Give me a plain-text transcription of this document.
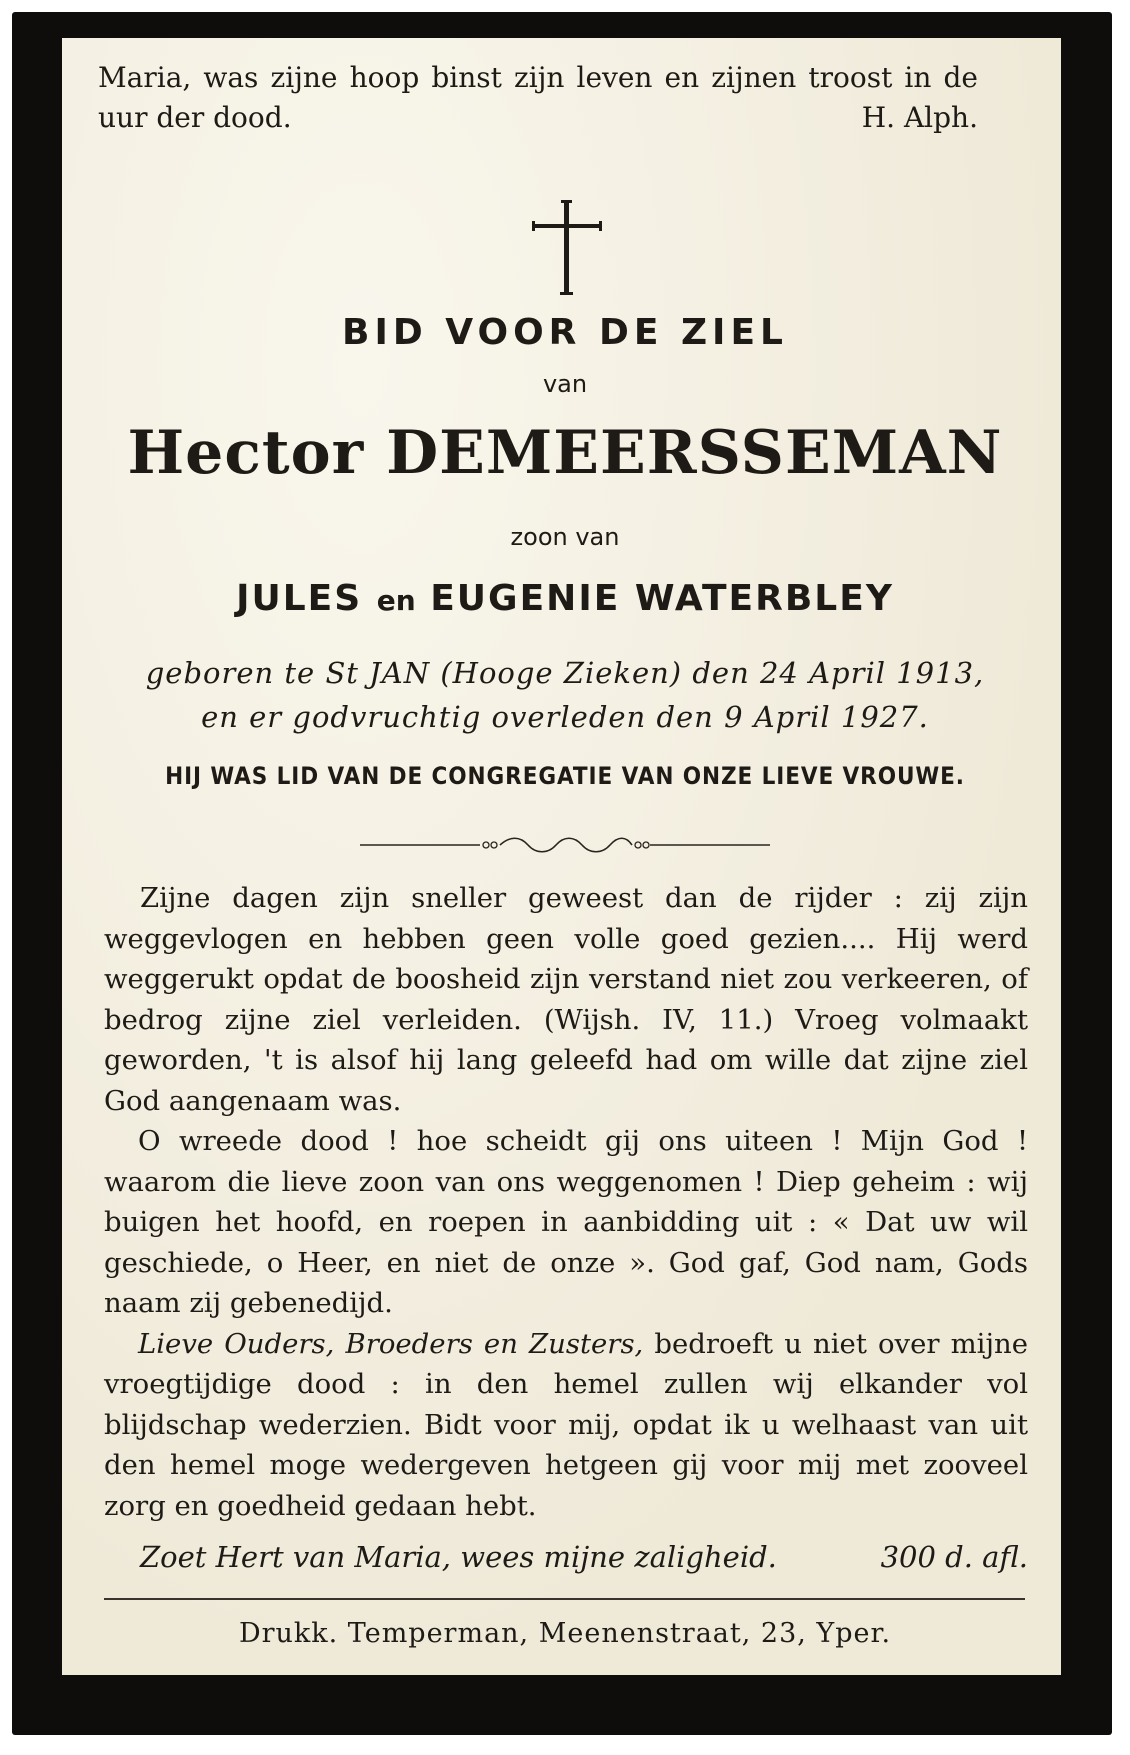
Maria, was zijne hoop binst zijn leven en zijnen troost in de uur der dood.	H. Alph.
BID VOOR DE ZIEL
van
Hector DEMEERSSEMAN
zoon van
JULES en EUGENIE WATERBLEY
geboren te St JAN (Hooge Zieken) den 24 April 1913,
en er godvruchtig overleden den 9 April 1927.
HIJ WAS LID VAN DE CONGREGATIE VAN ONZE LIEVE VROUWE.

Zijne dagen zijn sneller geweest dan de rijder : zij zijn weggevlogen en hebben geen volle goed gezien.... Hij werd weggerukt opdat de boosheid zijn verstand niet zou verkeeren, of bedrog zijne ziel verleiden. (Wijsh. IV, 11.) Vroeg volmaakt geworden, 't is alsof hij lang geleefd had om wille dat zijne ziel God aangenaam was.

O wreede dood ! hoe scheidt gij ons uiteen ! Mijn God ! waarom die lieve zoon van ons weggenomen ! Diep geheim : wij buigen het hoofd, en roepen in aanbidding uit : « Dat uw wil geschiede, o Heer, en niet de onze ». God gaf, God nam, Gods naam zij gebenedijd.

Lieve Ouders, Broeders en Zusters, bedroeft u niet over mijne vroegtijdige dood : in den hemel zullen wij elkander vol blijdschap wederzien. Bidt voor mij, opdat ik u welhaast van uit den hemel moge wedergeven hetgeen gij voor mij met zooveel zorg en goedheid gedaan hebt.

Zoet Hert van Maria, wees mijne zaligheid.	300 d. afl.
Drukk. Temperman, Meenenstraat, 23, Yper.
